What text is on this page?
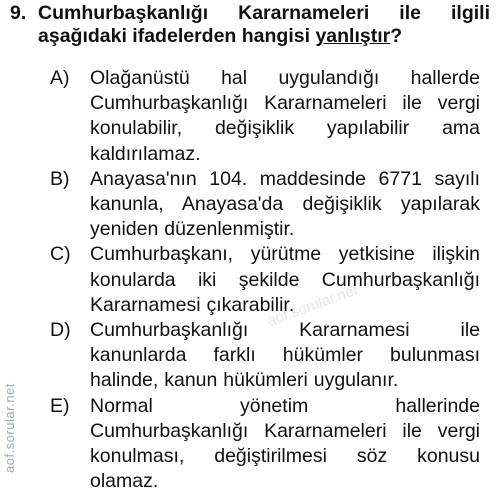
9. Cumhurbaşkanlığı Kararnameleri ile ilgili aşağıdaki ifadelerden hangisi yanlıştır?
A)	Olağanüstü hal uygulandığı hallerde Cumhurbaşkanlığı Kararnameleri ile vergi konulabilir, değişiklik yapılabilir ama kaldırılamaz.
B)	Anayasa'nın 104. maddesinde 6771 sayılı kanunla, Anayasa'da değişiklik yapılarak yeniden düzenlenmiştir.
C) Cumhurbaşkanı, yürütme yetkisine ilişkin konularda iki şekilde Cumhurbaşkanlığı Kararnamesi çıkarabilir.
D) Cumhurbaşkanlığı Kararnamesi ile kanunlarda farklı hükümler bulunması halinde, kanun hükümleri uygulanır.
E)	Normal yönetim hallerinde Cumhurbaşkanlığı Kararnameleri ile vergi konulması, değiştirilmesi söz konusu olamaz.
aof.sorular.net
aof.sorular.net
